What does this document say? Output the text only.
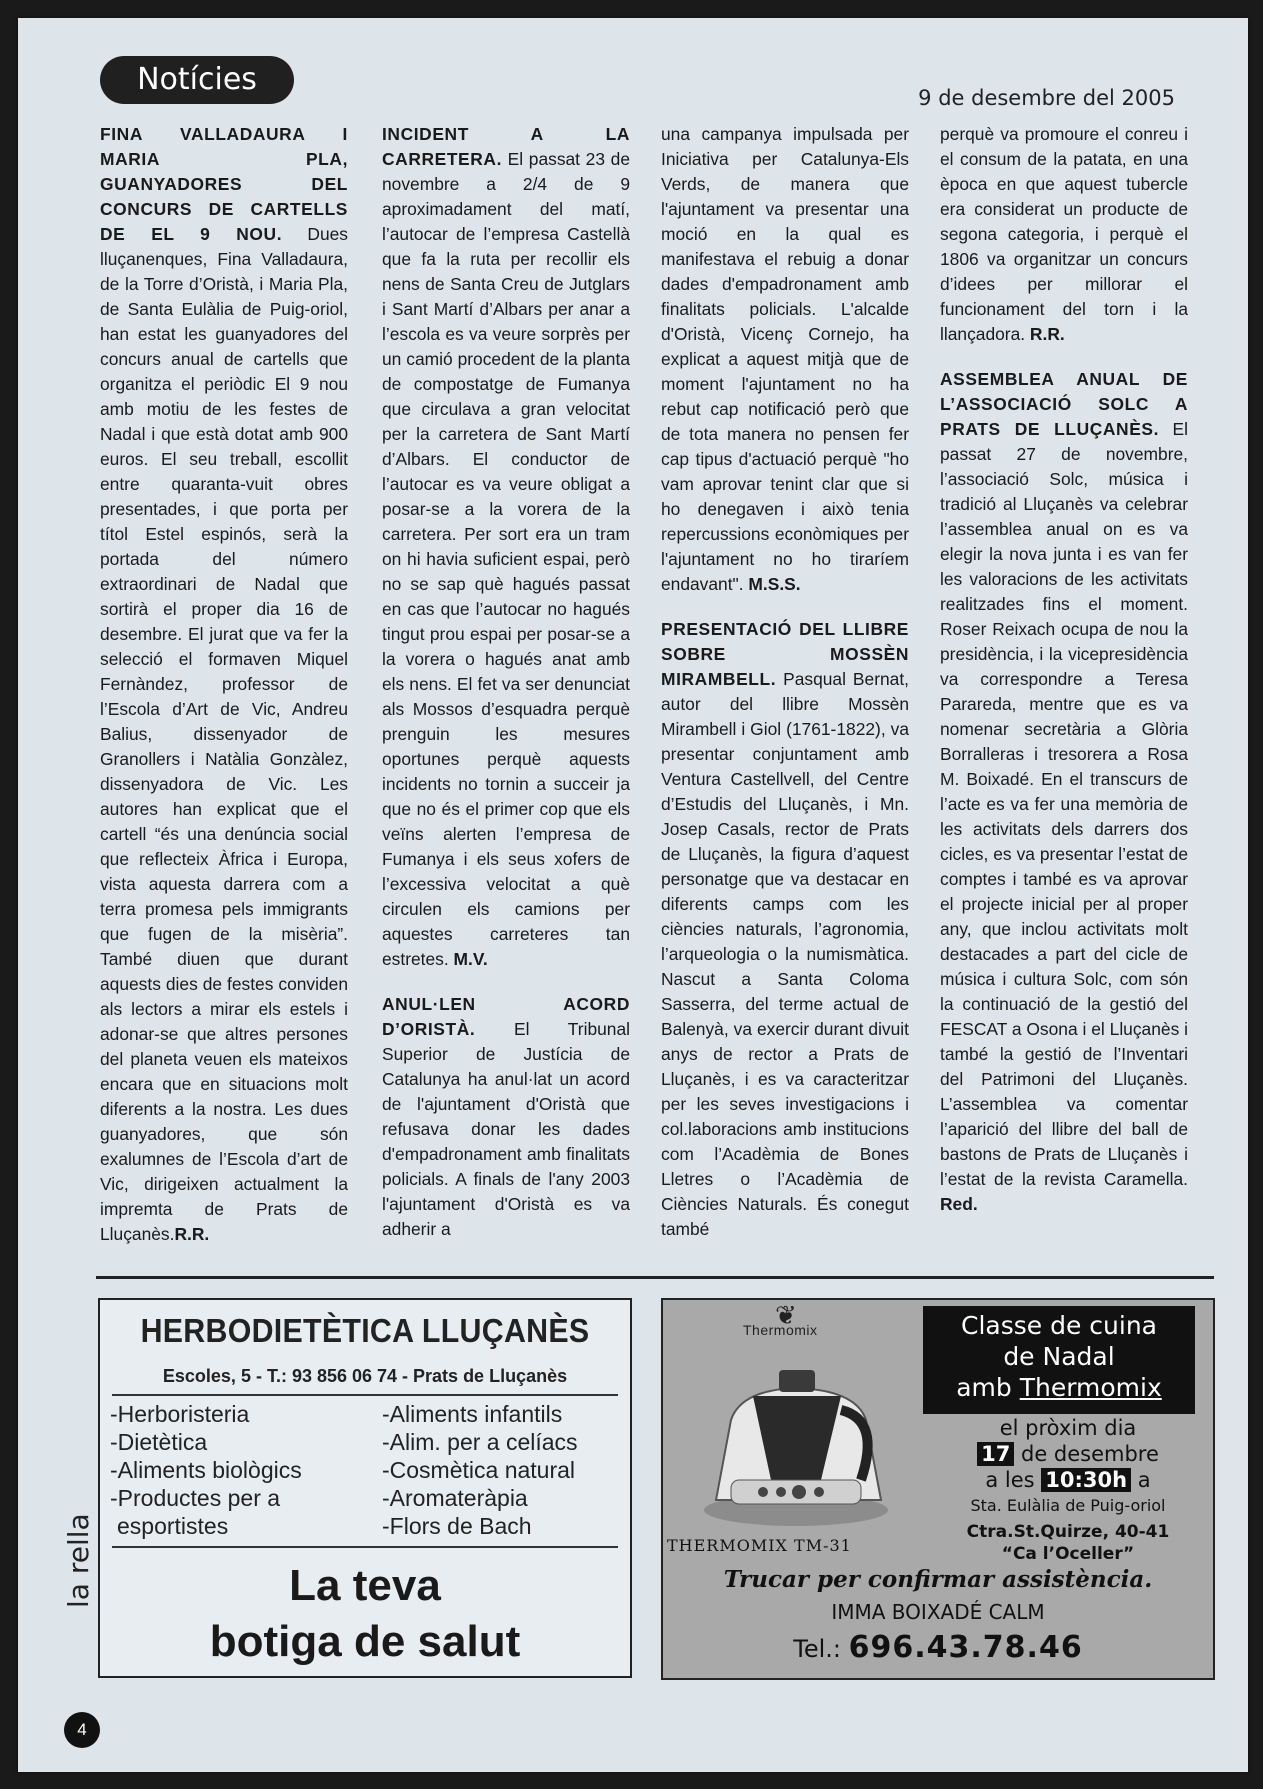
Notícies
9 de desembre del 2005

FINA VALLADAURA I MARIA PLA, GUANYADORES DEL CONCURS DE CARTELLS DE EL 9 NOU. Dues lluçanenques, Fina Valladaura, de la Torre d’Oristà, i Maria Pla, de Santa Eulàlia de Puig-oriol, han estat les guanyadores del concurs anual de cartells que organitza el periòdic El 9 nou amb motiu de les festes de Nadal i que està dotat amb 900 euros. El seu treball, escollit entre quaranta-vuit obres presentades, i que porta per títol Estel espinós, serà la portada del número extraordinari de Nadal que sortirà el proper dia 16 de desembre. El jurat que va fer la selecció el formaven Miquel Fernàndez, professor de l’Escola d’Art de Vic, Andreu Balius, dissenyador de Granollers i Natàlia Gonzàlez, dissenyadora de Vic. Les autores han explicat que el cartell “és una denúncia social que reflecteix Àfrica i Europa, vista aquesta darrera com a terra promesa pels immigrants que fugen de la misèria”. També diuen que durant aquests dies de festes conviden als lectors a mirar els estels i adonar-se que altres persones del planeta veuen els mateixos encara que en situacions molt diferents a la nostra. Les dues guanyadores, que són exalumnes de l’Escola d’art de Vic, dirigeixen actualment la impremta de Prats de Lluçanès.R.R.

INCIDENT A LA CARRETERA. El passat 23 de novembre a 2/4 de 9 aproximadament del matí, l’autocar de l’empresa Castellà que fa la ruta per recollir els nens de Santa Creu de Jutglars i Sant Martí d’Albars per anar a l’escola es va veure sorprès per un camió procedent de la planta de compostatge de Fumanya que circulava a gran velocitat per la carretera de Sant Martí d’Albars. El conductor de l’autocar es va veure obligat a posar-se a la vorera de la carretera. Per sort era un tram on hi havia suficient espai, però no se sap què hagués passat en cas que l’autocar no hagués tingut prou espai per posar-se a la vorera o hagués anat amb els nens. El fet va ser denunciat als Mossos d’esquadra perquè prenguin les mesures oportunes perquè aquests incidents no tornin a succeir ja que no és el primer cop que els veïns alerten l’empresa de Fumanya i els seus xofers de l’excessiva velocitat a què circulen els camions per aquestes carreteres tan estretes. M.V.

ANUL·LEN ACORD D’ORISTÀ. El Tribunal Superior de Justícia de Catalunya ha anul·lat un acord de l'ajuntament d'Oristà que refusava donar les dades d'empadronament amb finalitats policials. A finals de l'any 2003 l'ajuntament d'Oristà es va adherir a

una campanya impulsada per Iniciativa per Catalunya-Els Verds, de manera que l'ajuntament va presentar una moció en la qual es manifestava el rebuig a donar dades d'empadronament amb finalitats policials. L'alcalde d'Oristà, Vicenç Cornejo, ha explicat a aquest mitjà que de moment l'ajuntament no ha rebut cap notificació però que de tota manera no pensen fer cap tipus d'actuació perquè "ho vam aprovar tenint clar que si ho denegaven i això tenia repercussions econòmiques per l'ajuntament no ho tiraríem endavant". M.S.S.

PRESENTACIÓ DEL LLIBRE SOBRE MOSSÈN MIRAMBELL. Pasqual Bernat, autor del llibre Mossèn Mirambell i Giol (1761-1822), va presentar conjuntament amb Ventura Castellvell, del Centre d’Estudis del Lluçanès, i Mn. Josep Casals, rector de Prats de Lluçanès, la figura d’aquest personatge que va destacar en diferents camps com les ciències naturals, l’agronomia, l’arqueologia o la numismàtica. Nascut a Santa Coloma Sasserra, del terme actual de Balenyà, va exercir durant divuit anys de rector a Prats de Lluçanès, i es va caracteritzar per les seves investigacions i col.laboracions amb institucions com l’Acadèmia de Bones Lletres o l’Acadèmia de Ciències Naturals. És conegut també

perquè va promoure el conreu i el consum de la patata, en una època en que aquest tubercle era considerat un producte de segona categoria, i perquè el 1806 va organitzar un concurs d’idees per millorar el funcionament del torn i la llançadora. R.R.

ASSEMBLEA ANUAL DE L’ASSOCIACIÓ SOLC A PRATS DE LLUÇANÈS. El passat 27 de novembre, l’associació Solc, música i tradició al Lluçanès va celebrar l’assemblea anual on es va elegir la nova junta i es van fer les valoracions de les activitats realitzades fins el moment. Roser Reixach ocupa de nou la presidència, i la vicepresidència va correspondre a Teresa Parareda, mentre que es va nomenar secretària a Glòria Borralleras i tresorera a Rosa M. Boixadé. En el transcurs de l’acte es va fer una memòria de les activitats dels darrers dos cicles, es va presentar l’estat de comptes i també es va aprovar el projecte inicial per al proper any, que inclou activitats molt destacades a part del cicle de música i cultura Solc, com són la continuació de la gestió del FESCAT a Osona i el Lluçanès i també la gestió de l’Inventari del Patrimoni del Lluçanès. L’assemblea va comentar l’aparició del llibre del ball de bastons de Prats de Lluçanès i l’estat de la revista Caramella. Red.

HERBODIETÈTICA LLUÇANÈS
Escoles, 5 - T.: 93 856 06 74 - Prats de Lluçanès
-Herboristeria
-Dietètica
-Aliments biològics
-Productes per a
esportistes
-Aliments infantils
-Alim. per a celíacs
-Cosmètica natural
-Aromateràpia
-Flors de Bach
La teva
botiga de salut
❦
Thermomix	Classe de cuina
de Nadal
amb Thermomix
el pròxim dia
17 de desembre
a les 10:30h a
Sta. Eulàlia de Puig-oriol
Ctra.St.Quirze, 40-41
“Ca l’Oceller”
THERMOMIX TM-31
Trucar per confirmar assistència.
IMMA BOIXADÉ CALM
Tel.: 696.43.78.46
la rella
4
